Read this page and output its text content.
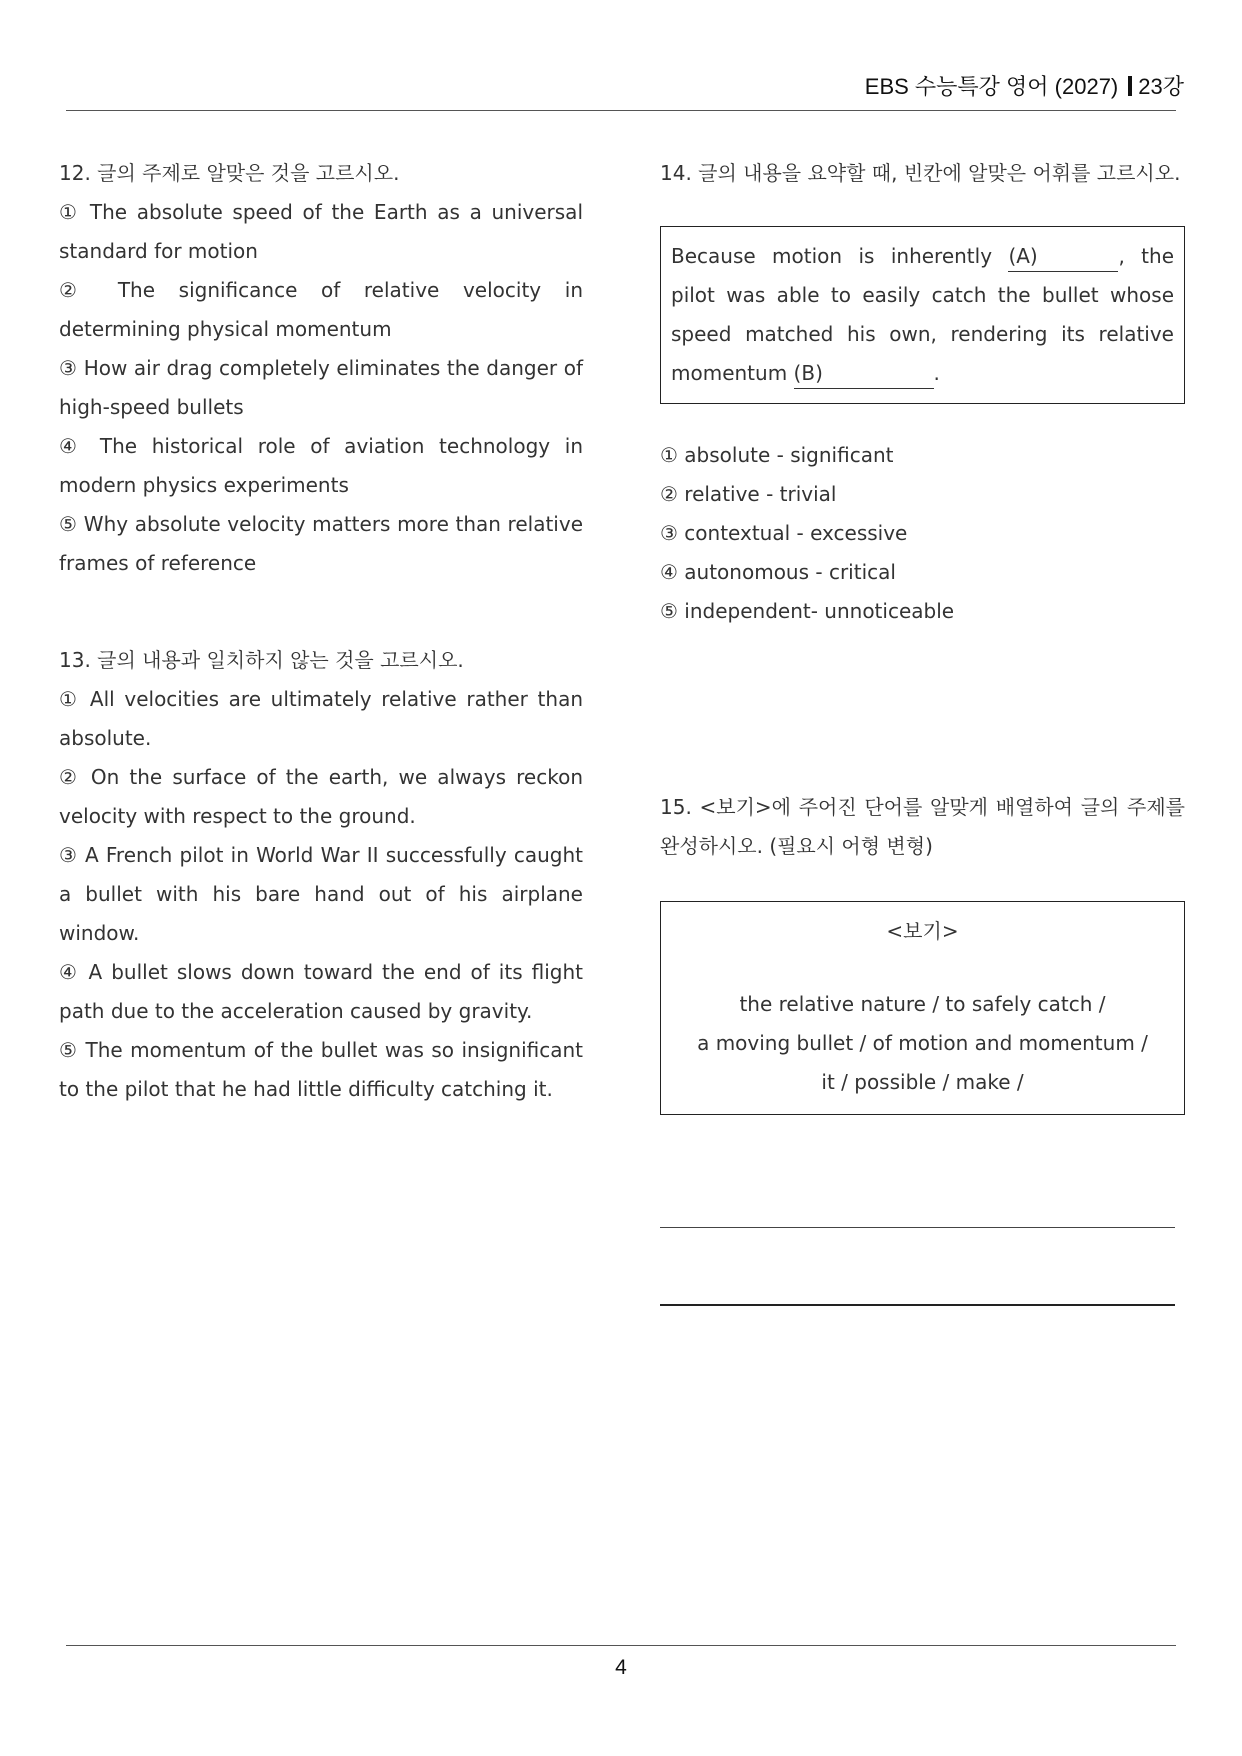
EBS 수능특강 영어 (2027) 23강

12. 글의 주제로 알맞은 것을 고르시오.

① The absolute speed of the Earth as a universal standard for motion

② The significance of relative velocity in determining physical momentum

③ How air drag completely eliminates the danger of high-speed bullets

④ The historical role of aviation technology in modern physics experiments

⑤ Why absolute velocity matters more than relative frames of reference

13. 글의 내용과 일치하지 않는 것을 고르시오.

① All velocities are ultimately relative rather than absolute.

② On the surface of the earth, we always reckon velocity with respect to the ground.

③ A French pilot in World War II successfully caught a bullet with his bare hand out of his airplane window.

④ A bullet slows down toward the end of its flight path due to the acceleration caused by gravity.

⑤ The momentum of the bullet was so insignificant to the pilot that he had little difficulty catching it.

14. 글의 내용을 요약할 때, 빈칸에 알맞은 어휘를 고르시오.

Because motion is inherently (A)	, the pilot was able to easily catch the bullet whose speed matched his own, rendering its relative momentum (B)	.

① absolute - significant

② relative - trivial

③ contextual - excessive

④ autonomous - critical

⑤ independent- unnoticeable

15. <보기>에 주어진 단어를 알맞게 배열하여 글의 주제를 완성하시오. (필요시 어형 변형)

<보기>

the relative nature / to safely catch /

a moving bullet / of motion and momentum /

it / possible / make /

4
